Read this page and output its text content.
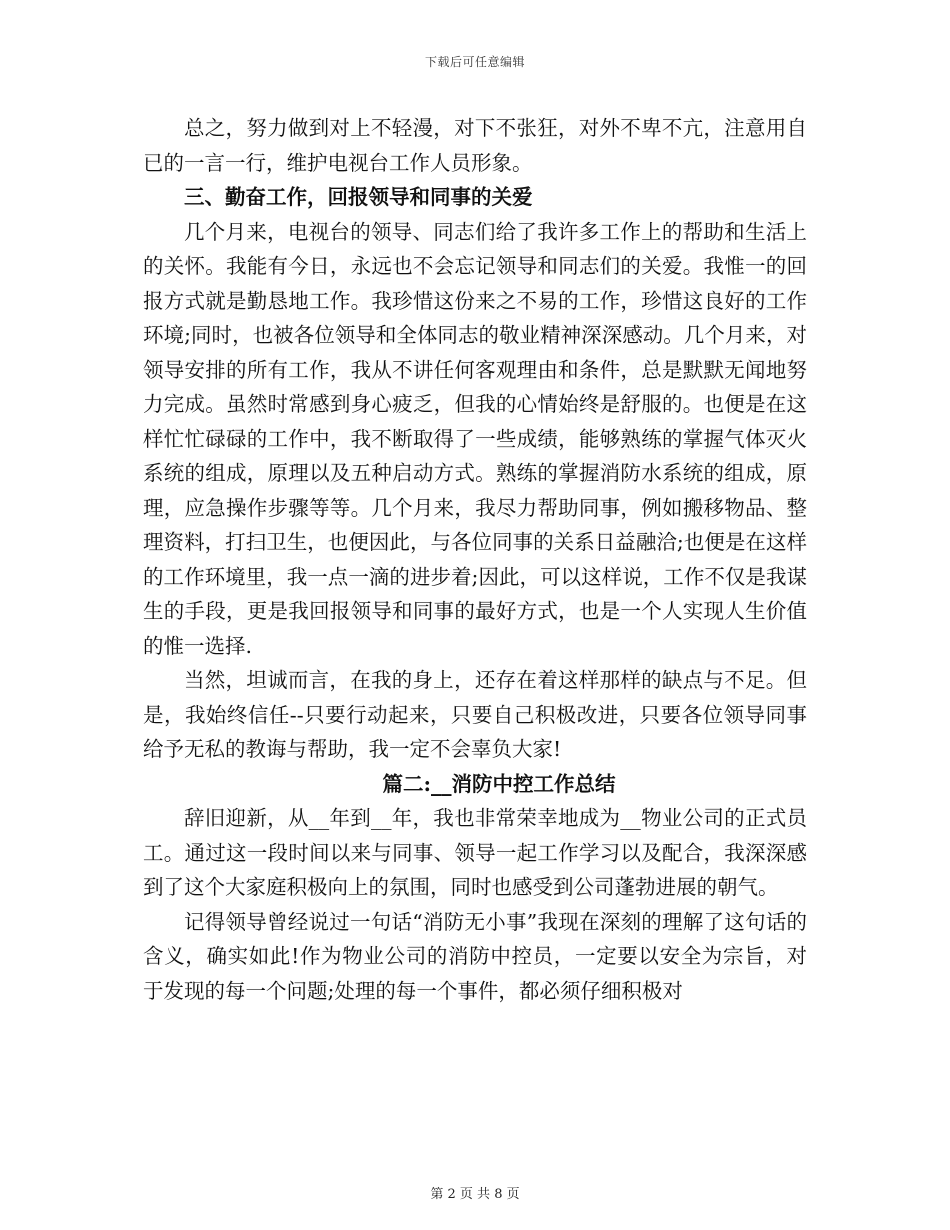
下载后可任意编辑

总之，努力做到对上不轻漫，对下不张狂，对外不卑不亢，注意用自已的一言一行，维护电视台工作人员形象。

三、勤奋工作，回报领导和同事的关爱

几个月来，电视台的领导、同志们给了我许多工作上的帮助和生活上的关怀。我能有今日，永远也不会忘记领导和同志们的关爱。我惟一的回报方式就是勤恳地工作。我珍惜这份来之不易的工作，珍惜这良好的工作环境;同时，也被各位领导和全体同志的敬业精神深深感动。几个月来，对领导安排的所有工作，我从不讲任何客观理由和条件，总是默默无闻地努力完成。虽然时常感到身心疲乏，但我的心情始终是舒服的。也便是在这样忙忙碌碌的工作中，我不断取得了一些成绩，能够熟练的掌握气体灭火系统的组成，原理以及五种启动方式。熟练的掌握消防水系统的组成，原理，应急操作步骤等等。几个月来，我尽力帮助同事，例如搬移物品、整理资料，打扫卫生，也便因此，与各位同事的关系日益融洽;也便是在这样的工作环境里，我一点一滴的进步着;因此，可以这样说，工作不仅是我谋生的手段，更是我回报领导和同事的最好方式，也是一个人实现人生价值的惟一选择.

当然，坦诚而言，在我的身上，还存在着这样那样的缺点与不足。但是，我始终信任--只要行动起来，只要自己积极改进，只要各位领导同事给予无私的教诲与帮助，我一定不会辜负大家!

篇二:__消防中控工作总结

辞旧迎新，从__年到__年，我也非常荣幸地成为__物业公司的正式员工。通过这一段时间以来与同事、领导一起工作学习以及配合，我深深感到了这个大家庭积极向上的氛围，同时也感受到公司蓬勃进展的朝气。

记得领导曾经说过一句话“消防无小事”我现在深刻的理解了这句话的含义，确实如此!作为物业公司的消防中控员，一定要以安全为宗旨，对于发现的每一个问题;处理的每一个事件，都必须仔细积极对

第 2 页 共 8 页
